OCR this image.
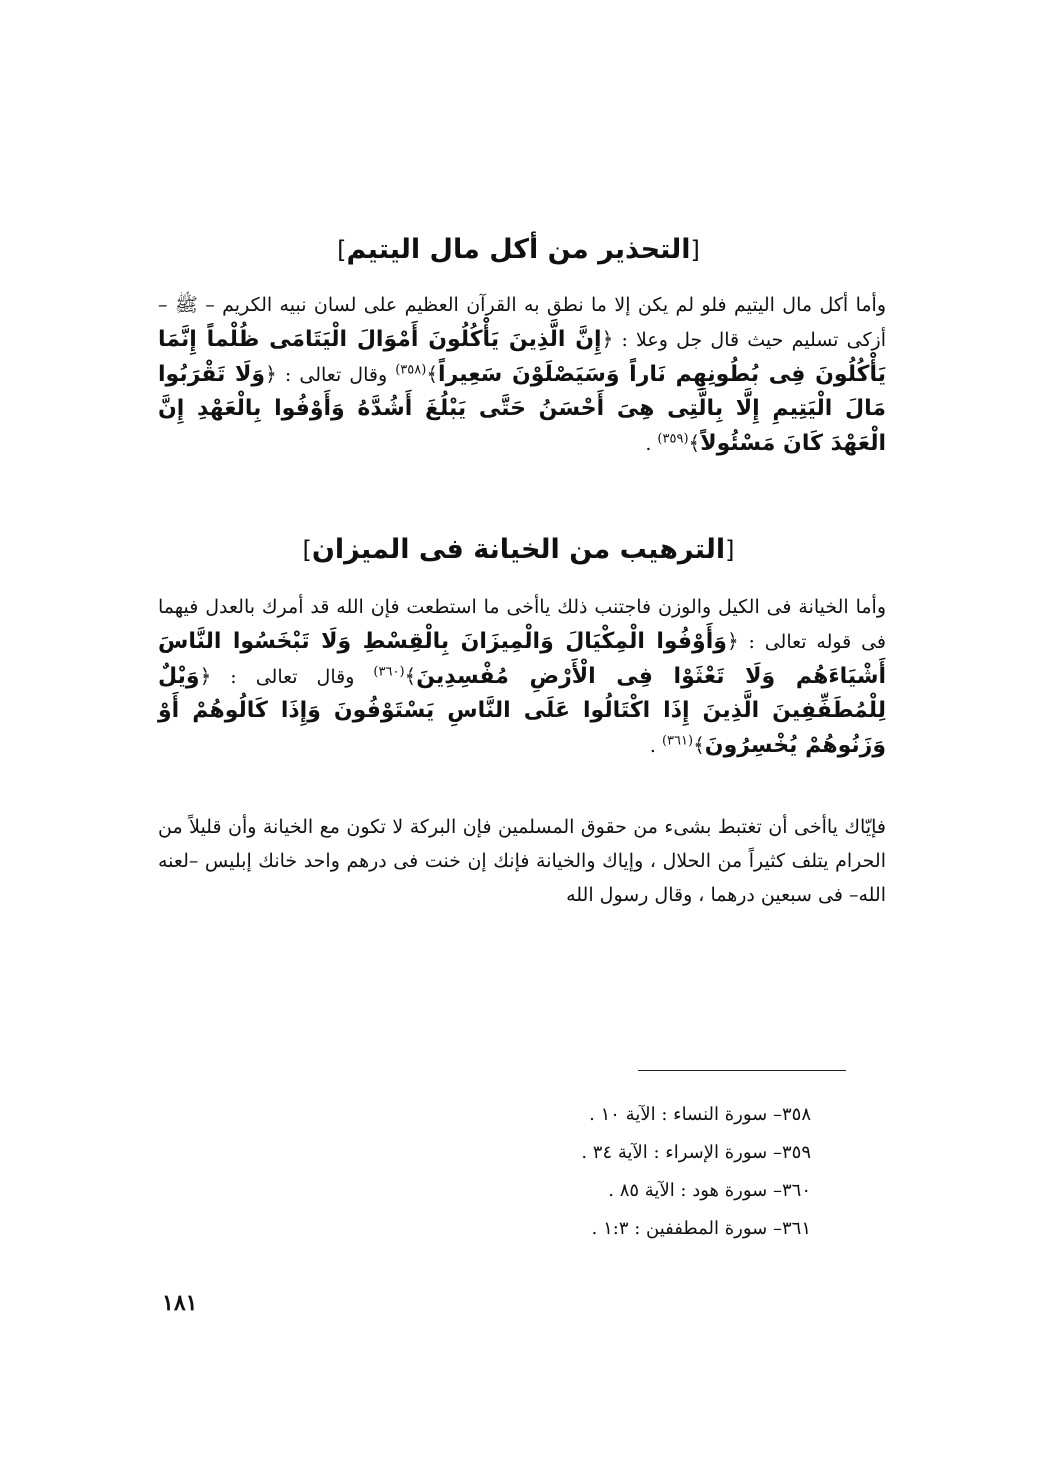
[التحذير من أكل مال اليتيم]

وأما أكل مال اليتيم فلو لم يكن إلا ما نطق به القرآن العظيم على لسان نبيه الكريم – ﷺ – أزكى تسليم حيث قال جل وعلا : ﴿إِنَّ الَّذِينَ يَأْكُلُونَ أَمْوَالَ الْيَتَامَى ظُلْماً إِنَّمَا يَأْكُلُونَ فِى بُطُونِهِم نَاراً وَسَيَصْلَوْنَ سَعِيراً﴾$^{(٣٥٨)}$ وقال تعالى : ﴿وَلَا تَقْرَبُوا مَالَ الْيَتِيمِ إِلَّا بِالَّتِى هِىَ أَحْسَنُ حَتَّى يَبْلُغَ أَشُدَّهُ وَأَوْفُوا بِالْعَهْدِ إِنَّ الْعَهْدَ كَانَ مَسْئُولاً﴾$^{(٣٥٩)}$ .

[الترهيب من الخيانة فى الميزان]

وأما الخيانة فى الكيل والوزن فاجتنب ذلك ياأخى ما استطعت فإن الله قد أمرك بالعدل فيهما فى قوله تعالى : ﴿وَأَوْفُوا الْمِكْيَالَ وَالْمِيزَانَ بِالْقِسْطِ وَلَا تَبْخَسُوا النَّاسَ أَشْيَاءَهُم وَلَا تَعْثَوْا فِى الْأَرْضِ مُفْسِدِينَ﴾$^{(٣٦٠)}$ وقال تعالى : ﴿وَيْلٌ لِلْمُطَفِّفِينَ الَّذِينَ إِذَا اكْتَالُوا عَلَى النَّاسِ يَسْتَوْفُونَ وَإِذَا كَالُوهُمْ أَوْ وَزَنُوهُمْ يُخْسِرُونَ﴾$^{(٣٦١)}$ .

فإيّاك ياأخى أن تغتبط بشىء من حقوق المسلمين فإن البركة لا تكون مع الخيانة وأن قليلاً من الحرام يتلف كثيراً من الحلال ، وإياك والخيانة فإنك إن خنت فى درهم واحد خانك إبليس –لعنه الله– فى سبعين درهما ، وقال رسول الله

٣٥٨– سورة النساء : الآية ١٠ .
٣٥٩– سورة الإسراء : الآية ٣٤ .
٣٦٠– سورة هود : الآية ٨٥ .
٣٦١– سورة المطففين : ١:٣ .
١٨١
